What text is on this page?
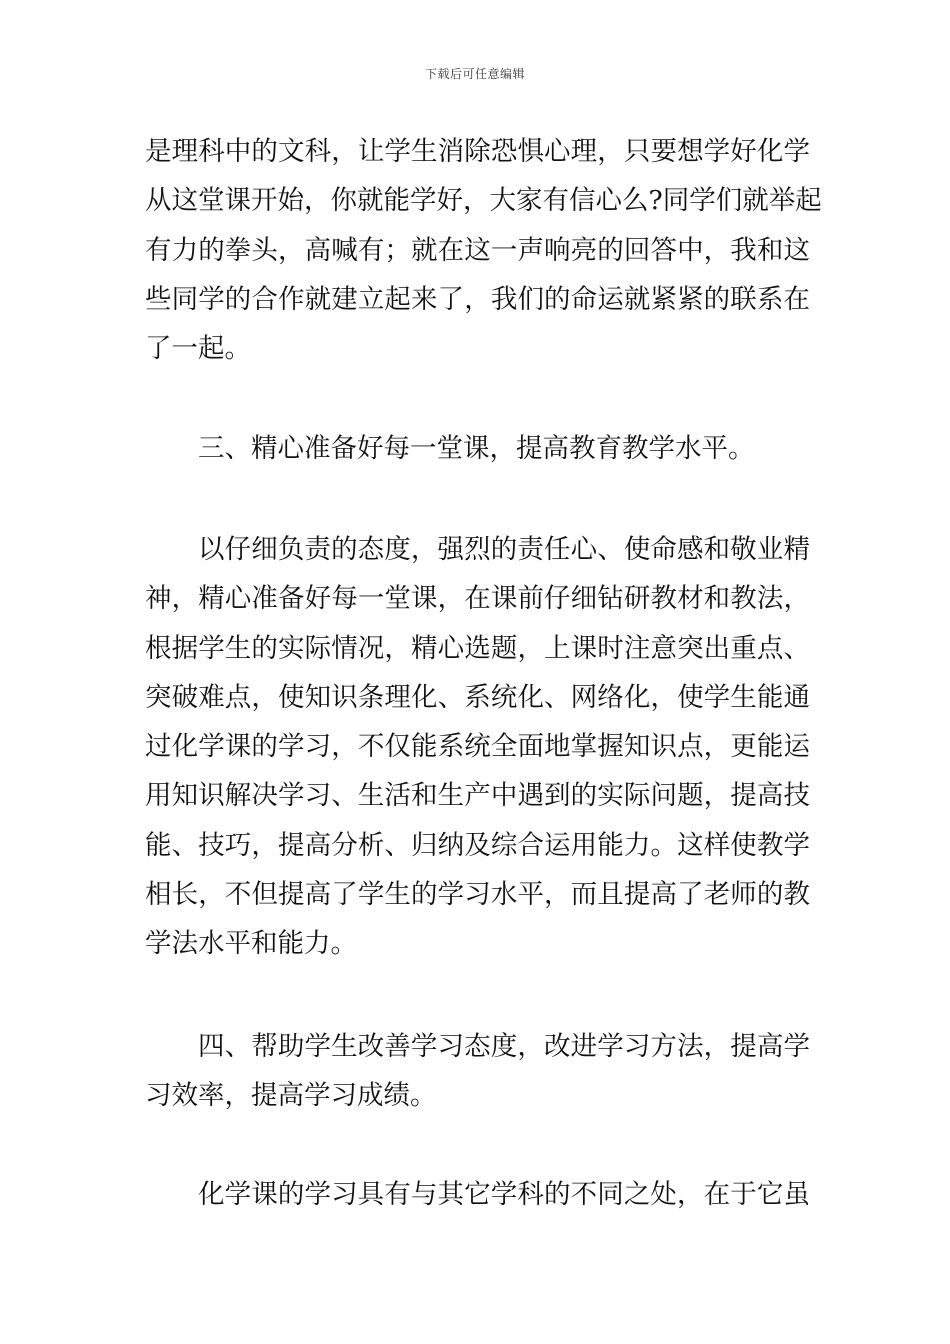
下载后可任意编辑
是理科中的文科，让学生消除恐惧心理，只要想学好化学
从这堂课开始，你就能学好，大家有信心么?同学们就举起
有力的拳头，高喊有；就在这一声响亮的回答中，我和这
些同学的合作就建立起来了，我们的命运就紧紧的联系在
了一起。
三、精心准备好每一堂课，提高教育教学水平。
以仔细负责的态度，强烈的责任心、使命感和敬业精
神，精心准备好每一堂课，在课前仔细钻研教材和教法，
根据学生的实际情况，精心选题，上课时注意突出重点、
突破难点，使知识条理化、系统化、网络化，使学生能通
过化学课的学习，不仅能系统全面地掌握知识点，更能运
用知识解决学习、生活和生产中遇到的实际问题，提高技
能、技巧，提高分析、归纳及综合运用能力。这样使教学
相长，不但提高了学生的学习水平，而且提高了老师的教
学法水平和能力。
四、帮助学生改善学习态度，改进学习方法，提高学
习效率，提高学习成绩。
化学课的学习具有与其它学科的不同之处，在于它虽
